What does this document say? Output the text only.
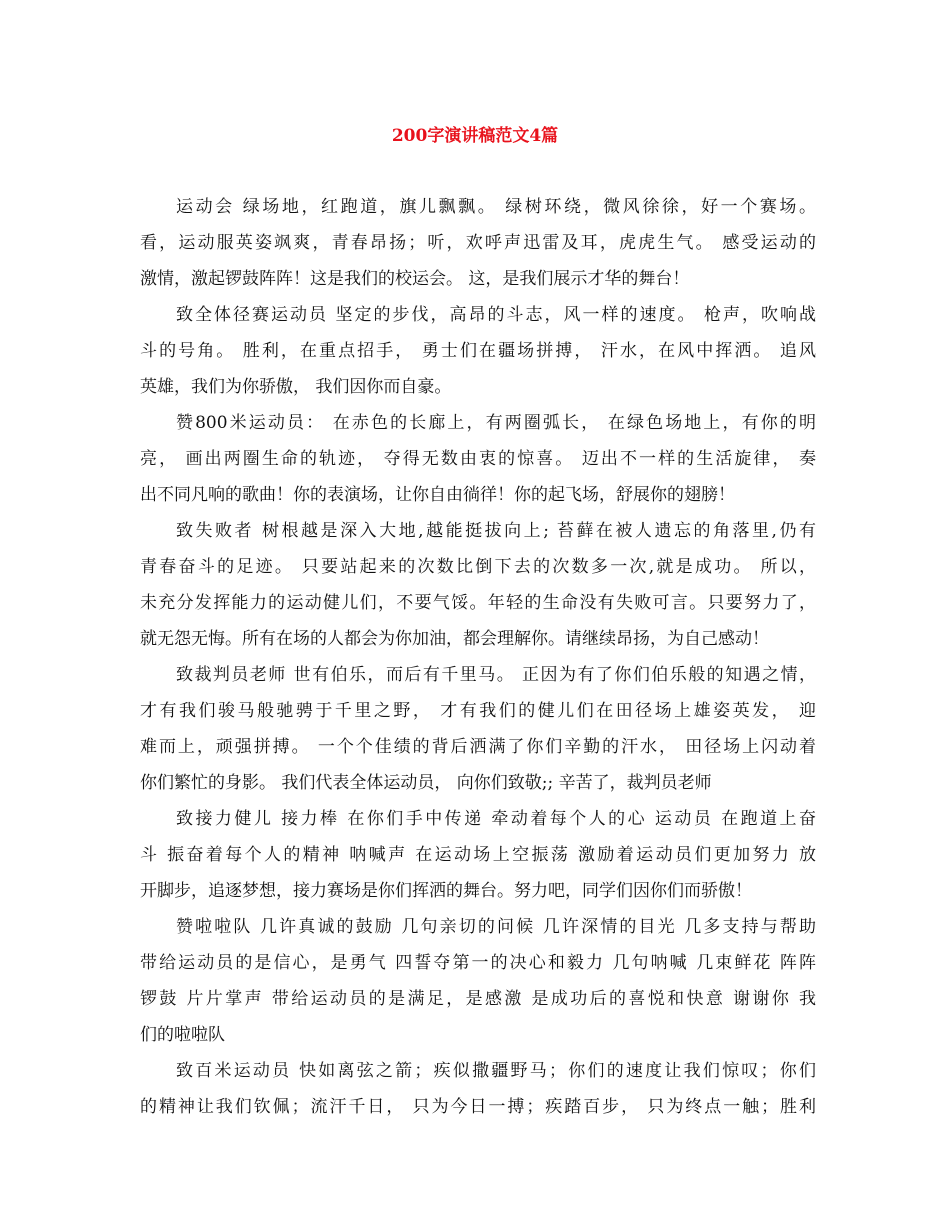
200字演讲稿范文4篇
运动会 绿场地，红跑道，旗儿飘飘。 绿树环绕，微风徐徐，好一个赛场。
看，运动服英姿飒爽，青春昂扬；听，欢呼声迅雷及耳，虎虎生气。 感受运动的
激情，激起锣鼓阵阵！这是我们的校运会。 这，是我们展示才华的舞台！
致全体径赛运动员 坚定的步伐，高昂的斗志，风一样的速度。 枪声，吹响战
斗的号角。 胜利，在重点招手， 勇士们在疆场拼搏， 汗水，在风中挥洒。 追风
英雄，我们为你骄傲， 我们因你而自豪。
赞800米运动员： 在赤色的长廊上，有两圈弧长， 在绿色场地上，有你的明
亮， 画出两圈生命的轨迹， 夺得无数由衷的惊喜。 迈出不一样的生活旋律， 奏
出不同凡响的歌曲！你的表演场，让你自由徜徉！你的起飞场，舒展你的翅膀！
致失败者 树根越是深入大地,越能挺拔向上; 苔藓在被人遗忘的角落里,仍有
青春奋斗的足迹。 只要站起来的次数比倒下去的次数多一次,就是成功。 所以，
未充分发挥能力的运动健儿们，不要气馁。年轻的生命没有失败可言。只要努力了，
就无怨无悔。所有在场的人都会为你加油，都会理解你。请继续昂扬，为自己感动！
致裁判员老师 世有伯乐，而后有千里马。 正因为有了你们伯乐般的知遇之情，
才有我们骏马般驰骋于千里之野， 才有我们的健儿们在田径场上雄姿英发， 迎
难而上，顽强拼搏。 一个个佳绩的背后洒满了你们辛勤的汗水， 田径场上闪动着
你们繁忙的身影。 我们代表全体运动员， 向你们致敬;; 辛苦了，裁判员老师
致接力健儿 接力棒 在你们手中传递 牵动着每个人的心 运动员 在跑道上奋
斗 振奋着每个人的精神 呐喊声 在运动场上空振荡 激励着运动员们更加努力 放
开脚步，追逐梦想，接力赛场是你们挥洒的舞台。努力吧，同学们因你们而骄傲！
赞啦啦队 几许真诚的鼓励 几句亲切的问候 几许深情的目光 几多支持与帮助
带给运动员的是信心，是勇气 四誓夺第一的决心和毅力 几句呐喊 几束鲜花 阵阵
锣鼓 片片掌声 带给运动员的是满足，是感激 是成功后的喜悦和快意 谢谢你 我
们的啦啦队
致百米运动员 快如离弦之箭；疾似撒疆野马；你们的速度让我们惊叹；你们
的精神让我们钦佩；流汗千日， 只为今日一搏；疾踏百步， 只为终点一触；胜利
